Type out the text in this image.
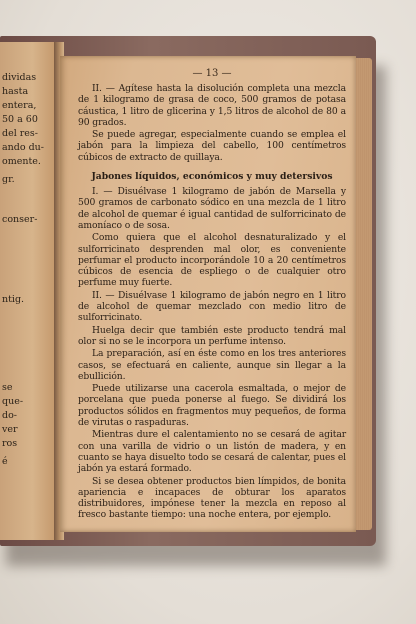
dividas
hasta
entera,
50 a 60
del res-
ando du-
omente.
gr.
conser-
ntig.
se
que-
do-
ver
ros
é
— 13 —

II. — Agítese hasta la disolución completa una mezcla de 1 kilogramo de grasa de coco, 500 gramos de potasa cáustica, 1 litro de glicerina y 1,5 litros de alcohol de 80 a 90 grados.

Se puede agregar, especialmente cuando se emplea el jabón para la limpieza del cabello, 100 centímetros cúbicos de extracto de quillaya.

Jabones líquidos, económicos y muy detersivos

I. — Disuélvase 1 kilogramo de jabón de Marsella y 500 gramos de carbonato sódico en una mezcla de 1 litro de alcohol de quemar é igual cantidad de sulforricinato de amoníaco o de sosa.

Como quiera que el alcohol desnaturalizado y el sulforricinato desprenden mal olor, es conveniente perfumar el producto incorporándole 10 a 20 centímetros cúbicos de esencia de espliego o de cualquier otro perfume muy fuerte.

II. — Disuélvase 1 kilogramo de jabón negro en 1 litro de alcohol de quemar mezclado con medio litro de sulforricinato.

Huelga decir que también este producto tendrá mal olor si no se le incorpora un perfume intenso.

La preparación, así en éste como en los tres anteriores casos, se efectuará en caliente, aunque sin llegar a la ebullición.

Puede utilizarse una cacerola esmaltada, o mejor de porcelana que pueda ponerse al fuego. Se dividirá los productos sólidos en fragmentos muy pequeños, de forma de virutas o raspaduras.

Mientras dure el calentamiento no se cesará de agitar con una varilla de vidrio o un listón de madera, y en cuanto se haya disuelto todo se cesará de calentar, pues el jabón ya estará formado.

Si se desea obtener productos bien límpidos, de bonita apariencia e incapaces de obturar los aparatos distribuidores, impónese tener la mezcla en reposo al fresco bastante tiempo: una noche entera, por ejemplo.
